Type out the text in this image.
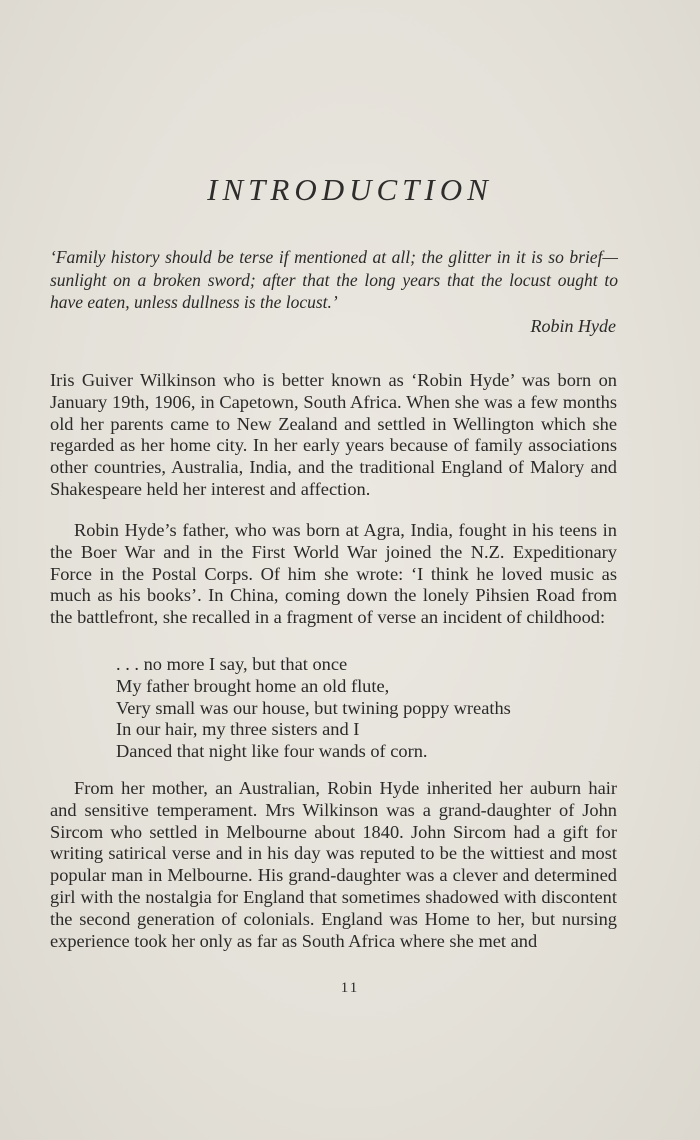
INTRODUCTION

‘Family history should be terse if mentioned at all; the glitter in it is so brief—sunlight on a broken sword; after that the long years that the locust ought to have eaten, unless dullness is the locust.’

Robin Hyde

Iris Guiver Wilkinson who is better known as ‘Robin Hyde’ was born on January 19th, 1906, in Capetown, South Africa. When she was a few months old her parents came to New Zealand and settled in Wellington which she regarded as her home city. In her early years because of family associations other countries, Australia, India, and the traditional England of Malory and Shakespeare held her interest and affection.

Robin Hyde’s father, who was born at Agra, India, fought in his teens in the Boer War and in the First World War joined the N.Z. Expeditionary Force in the Postal Corps. Of him she wrote: ‘I think he loved music as much as his books’. In China, coming down the lonely Pihsien Road from the battlefront, she recalled in a fragment of verse an incident of childhood:

. . . no more I say, but that once
My father brought home an old flute,
Very small was our house, but twining poppy wreaths
In our hair, my three sisters and I
Danced that night like four wands of corn.

From her mother, an Australian, Robin Hyde inherited her auburn hair and sensitive temperament. Mrs Wilkinson was a grand-daughter of John Sircom who settled in Melbourne about 1840. John Sircom had a gift for writing satirical verse and in his day was reputed to be the wittiest and most popular man in Melbourne. His grand-daughter was a clever and determined girl with the nostalgia for England that sometimes shadowed with discontent the second generation of colonials. England was Home to her, but nursing experience took her only as far as South Africa where she met and

11
